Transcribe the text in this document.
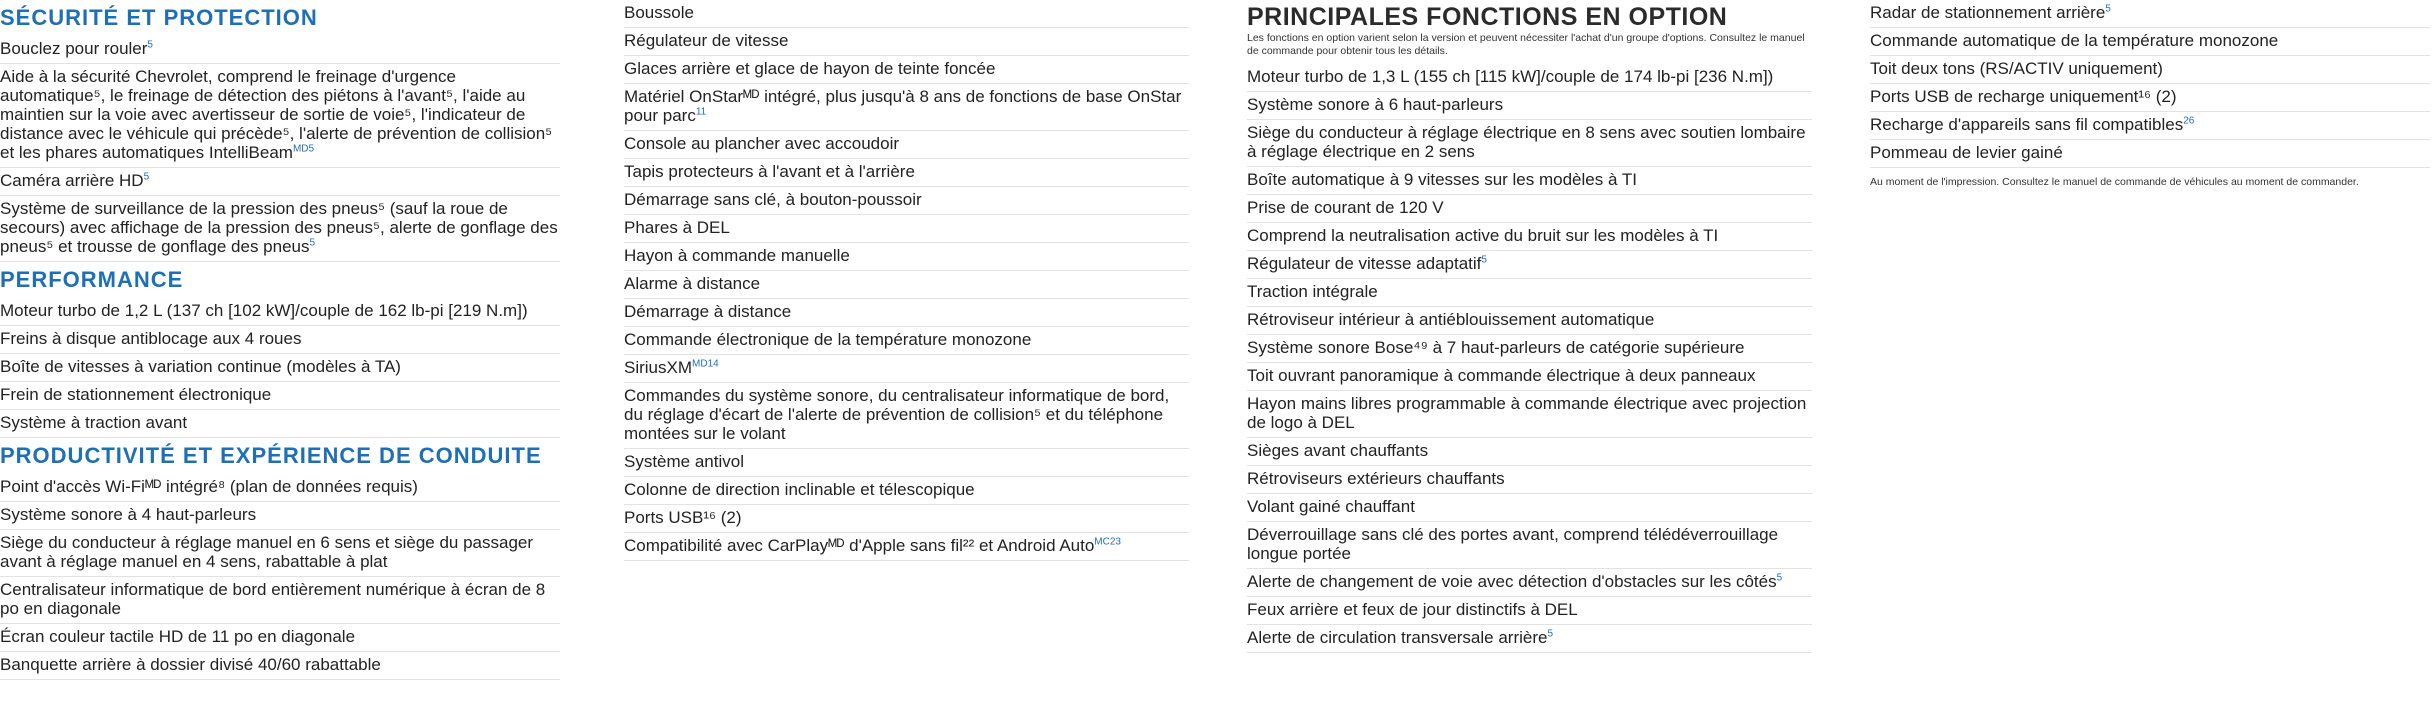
SÉCURITÉ ET PROTECTION
Bouclez pour rouler$^5$
Aide à la sécurité Chevrolet, comprend le freinage d'urgence automatique⁵, le freinage de détection des piétons à l'avant⁵, l'aide au maintien sur la voie avec avertisseur de sortie de voie⁵, l'indicateur de distance avec le véhicule qui précède⁵, l'alerte de prévention de collision⁵ et les phares automatiques IntelliBeam$^{MD5}$
Caméra arrière $HD^5$
Système de surveillance de la pression des pneus⁵ (sauf la roue de secours) avec affichage de la pression des pneus⁵, alerte de gonflage des pneus⁵ et trousse de gonflage des pneus$^5$
PERFORMANCE
Moteur turbo de 1,2 L (137 ch [102 kW]/couple de 162 lb-pi [219 N.m])
Freins à disque antiblocage aux 4 roues
Boîte de vitesses à variation continue (modèles à TA)
Frein de stationnement électronique
Système à traction avant
PRODUCTIVITÉ ET EXPÉRIENCE DE CONDUITE
Point d'accès Wi-Fiᴹᴰ intégré⁸ (plan de données requis)
Système sonore à 4 haut-parleurs
Siège du conducteur à réglage manuel en 6 sens et siège du passager avant à réglage manuel en 4 sens, rabattable à plat
Centralisateur informatique de bord entièrement numérique à écran de 8 po en diagonale
Écran couleur tactile HD de 11 po en diagonale
Banquette arrière à dossier divisé 40/60 rabattable
Boussole
Régulateur de vitesse
Glaces arrière et glace de hayon de teinte foncée
Matériel OnStarᴹᴰ intégré, plus jusqu'à 8 ans de fonctions de base OnStar pour parc$^{11}$
Console au plancher avec accoudoir
Tapis protecteurs à l'avant et à l'arrière
Démarrage sans clé, à bouton-poussoir
Phares à DEL
Hayon à commande manuelle
Alarme à distance
Démarrage à distance
Commande électronique de la température monozone
SiriusXM$^{MD14}$
Commandes du système sonore, du centralisateur informatique de bord, du réglage d'écart de l'alerte de prévention de collision⁵ et du téléphone montées sur le volant
Système antivol
Colonne de direction inclinable et télescopique
Ports USB¹⁶ (2)
Compatibilité avec CarPlayᴹᴰ d'Apple sans fil²² et Android Auto$^{MC23}$
PRINCIPALES FONCTIONS EN OPTION
Les fonctions en option varient selon la version et peuvent nécessiter l'achat d'un groupe d'options. Consultez le manuel de commande pour obtenir tous les détails.
Moteur turbo de 1,3 L (155 ch [115 kW]/couple de 174 lb-pi [236 N.m])
Système sonore à 6 haut-parleurs
Siège du conducteur à réglage électrique en 8 sens avec soutien lombaire à réglage électrique en 2 sens
Boîte automatique à 9 vitesses sur les modèles à TI
Prise de courant de 120 V
Comprend la neutralisation active du bruit sur les modèles à TI
Régulateur de vitesse adaptatif$^5$
Traction intégrale
Rétroviseur intérieur à antiéblouissement automatique
Système sonore Bose⁴⁹ à 7 haut-parleurs de catégorie supérieure
Toit ouvrant panoramique à commande électrique à deux panneaux
Hayon mains libres programmable à commande électrique avec projection de logo à DEL
Sièges avant chauffants
Rétroviseurs extérieurs chauffants
Volant gainé chauffant
Déverrouillage sans clé des portes avant, comprend télédéverrouillage longue portée
Alerte de changement de voie avec détection d'obstacles sur les côtés$^5$
Feux arrière et feux de jour distinctifs à DEL
Alerte de circulation transversale arrière$^5$
Radar de stationnement arrière$^5$
Commande automatique de la température monozone
Toit deux tons (RS/ACTIV uniquement)
Ports USB de recharge uniquement¹⁶ (2)
Recharge d'appareils sans fil compatibles$^{26}$
Pommeau de levier gainé
Au moment de l'impression. Consultez le manuel de commande de véhicules au moment de commander.
